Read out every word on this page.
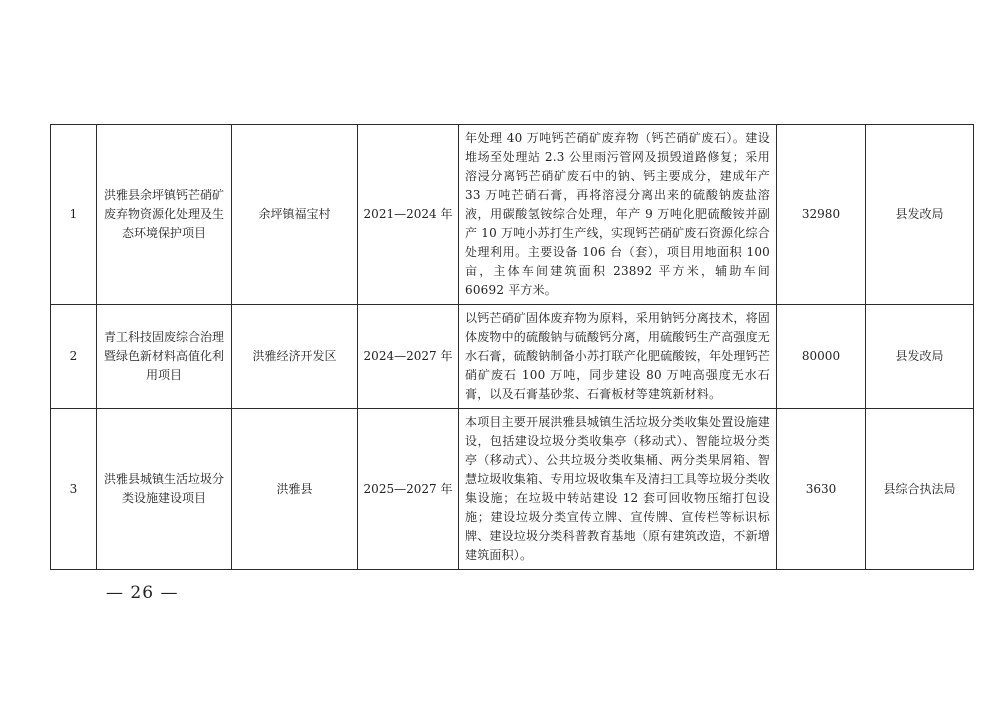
1	洪雅县余坪镇钙芒硝矿废弃物资源化处理及生态环境保护项目	余坪镇福宝村	2021—2024 年	年处理 40 万吨钙芒硝矿废弃物（钙芒硝矿废石）。建设堆场至处理站 2.3 公里雨污管网及损毁道路修复；采用溶浸分离钙芒硝矿废石中的钠、钙主要成分，建成年产 33 万吨芒硝石膏，再将溶浸分离出来的硫酸钠废盐溶液，用碳酸氢铵综合处理，年产 9 万吨化肥硫酸铵并副产 10 万吨小苏打生产线，实现钙芒硝矿废石资源化综合处理利用。主要设备 106 台（套），项目用地面积 100 亩，主体车间建筑面积 23892 平方米，辅助车间 60692 平方米。	32980	县发改局
2	青工科技固废综合治理暨绿色新材料高值化利用项目	洪雅经济开发区	2024—2027 年	以钙芒硝矿固体废弃物为原料，采用钠钙分离技术，将固体废物中的硫酸钠与硫酸钙分离，用硫酸钙生产高强度无水石膏，硫酸钠制备小苏打联产化肥硫酸铵，年处理钙芒硝矿废石 100 万吨，同步建设 80 万吨高强度无水石膏，以及石膏基砂浆、石膏板材等建筑新材料。	80000	县发改局
3	洪雅县城镇生活垃圾分类设施建设项目	洪雅县	2025—2027 年	本项目主要开展洪雅县城镇生活垃圾分类收集处置设施建设，包括建设垃圾分类收集亭（移动式）、智能垃圾分类亭（移动式）、公共垃圾分类收集桶、两分类果屑箱、智慧垃圾收集箱、专用垃圾收集车及清扫工具等垃圾分类收集设施；在垃圾中转站建设 12 套可回收物压缩打包设施；建设垃圾分类宣传立牌、宣传牌、宣传栏等标识标牌、建设垃圾分类科普教育基地（原有建筑改造，不新增建筑面积）。	3630	县综合执法局
— 26 —
